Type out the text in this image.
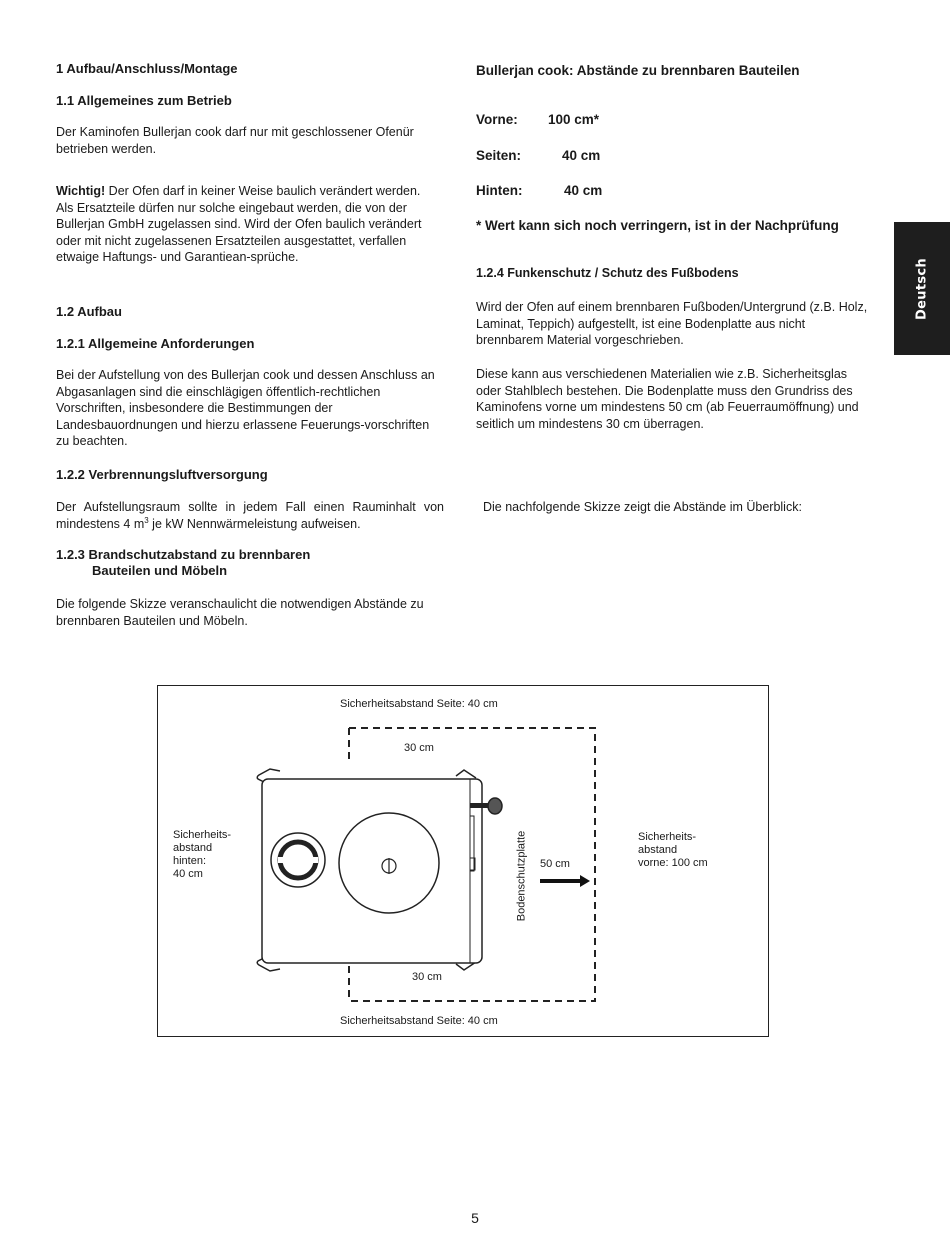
1 Aufbau/Anschluss/Montage
1.1 Allgemeines zum Betrieb
Der Kaminofen Bullerjan cook darf nur mit geschlossener Ofenür betrieben werden.
Wichtig! Der Ofen darf in keiner Weise baulich verändert werden. Als Ersatzteile dürfen nur solche eingebaut werden, die von der Bullerjan GmbH zugelassen sind. Wird der Ofen baulich verändert oder mit nicht zugelassenen Ersatzteilen ausgestattet, verfallen etwaige Haftungs- und Garantiean-sprüche.
1.2 Aufbau
1.2.1 Allgemeine Anforderungen
Bei der Aufstellung von des Bullerjan cook und dessen Anschluss an Abgasanlagen sind die einschlägigen öffentlich-rechtlichen Vorschriften, insbesondere die Bestimmungen der Landesbauordnungen und hierzu erlassene Feuerungs-vorschriften zu beachten.
1.2.2 Verbrennungsluftversorgung
Der Aufstellungsraum sollte in jedem Fall einen Rauminhalt von mindestens 4 $m^3$ je kW Nennwärmeleistung aufweisen.
1.2.3 Brandschutzabstand zu brennbaren
Bauteilen und Möbeln
Die folgende Skizze veranschaulicht die notwendigen Abstände zu brennbaren Bauteilen und Möbeln.
Bullerjan cook: Abstände zu brennbaren Bauteilen
Vorne: 100 cm*
Seiten:	40 cm
Hinten:	40 cm
* Wert kann sich noch verringern, ist in der Nachprüfung
1.2.4 Funkenschutz / Schutz des Fußbodens
Wird der Ofen auf einem brennbaren Fußboden/Untergrund (z.B. Holz, Laminat, Teppich) aufgestellt, ist eine Bodenplatte aus nicht brennbarem Material vorgeschrieben.
Diese kann aus verschiedenen Materialien wie z.B. Sicherheitsglas oder Stahlblech bestehen. Die Bodenplatte muss den Grundriss des Kaminofens vorne um mindestens 50 cm (ab Feuerraumöffnung) und seitlich um mindestens 30 cm überragen.
Die nachfolgende Skizze zeigt die Abstände im Überblick:
Deutsch
Sicherheitsabstand Seite: 40 cm
30 cm
30 cm
Sicherheitsabstand Seite: 40 cm
Sicherheits-
abstand
hinten:
40 cm
Sicherheits-
abstand
vorne: 100 cm
50 cm
Bodenschutzplatte
5
